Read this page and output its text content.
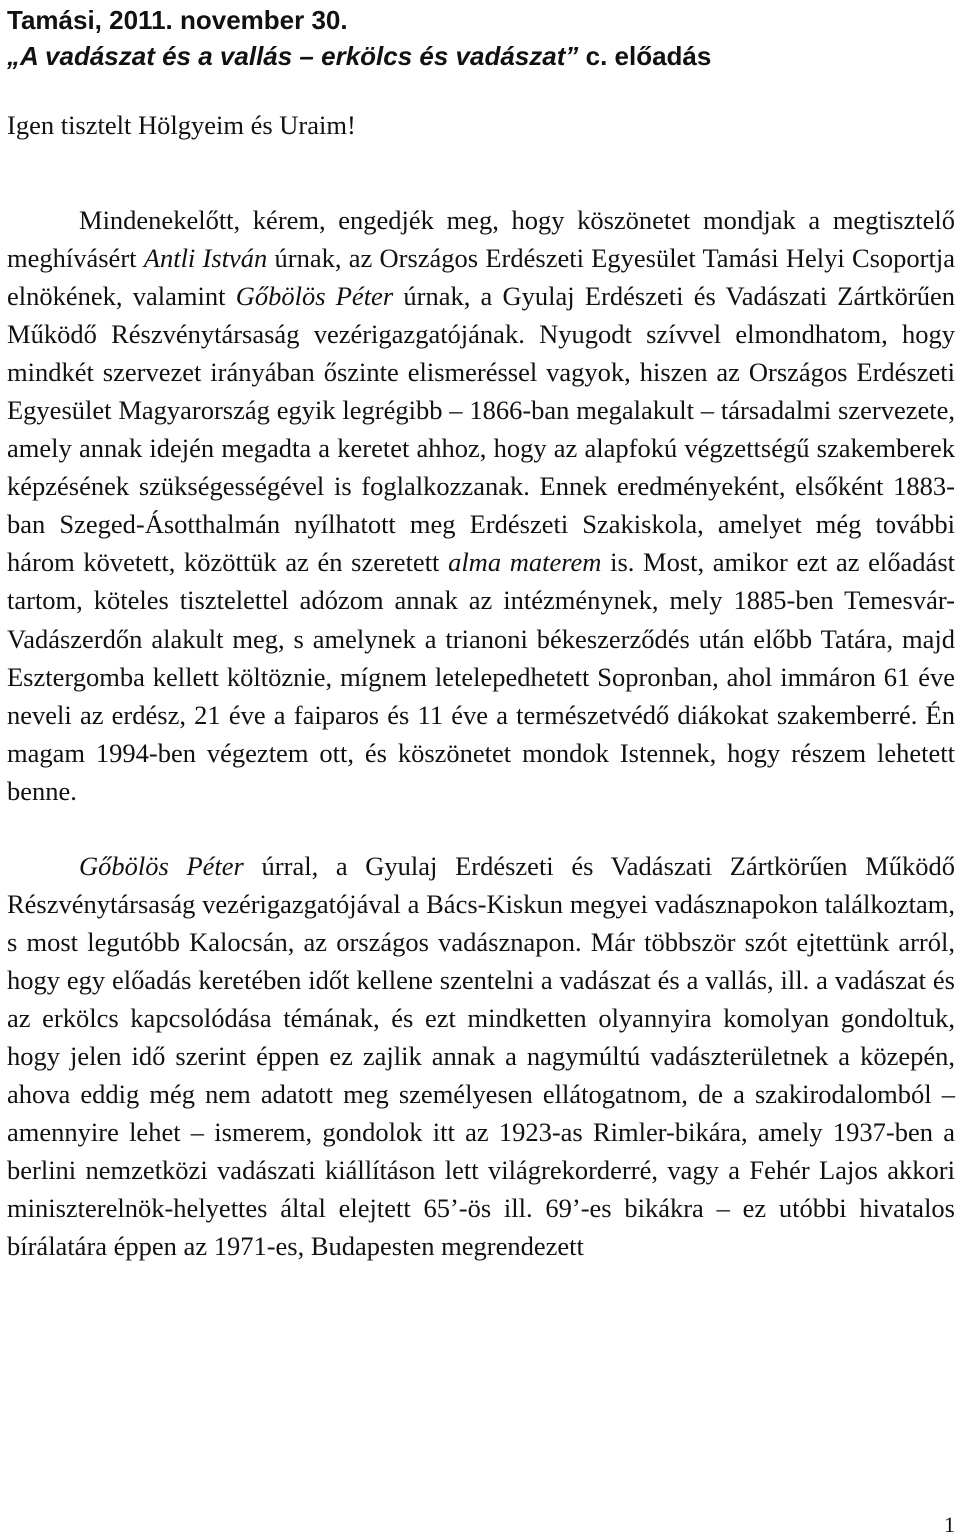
Tamási, 2011. november 30.

„A vadászat és a vallás – erkölcs és vadászat” c. előadás

Igen tisztelt Hölgyeim és Uraim!

Mindenekelőtt, kérem, engedjék meg, hogy köszönetet mondjak a megtisztelő meghívásért Antli István úrnak, az Országos Erdészeti Egyesület Tamási Helyi Csoportja elnökének, valamint Gőbölös Péter úrnak, a Gyulaj Erdészeti és Vadászati Zártkörűen Működő Részvénytársaság vezérigazgatójának. Nyugodt szívvel elmondhatom, hogy mindkét szervezet irányában őszinte elismeréssel vagyok, hiszen az Országos Erdészeti Egyesület Magyarország egyik legrégibb – 1866-ban megalakult – társadalmi szervezete, amely annak idején megadta a keretet ahhoz, hogy az alapfokú végzettségű szakemberek képzésének szükségességével is foglalkozzanak. Ennek eredményeként, elsőként 1883-ban Szeged-Ásotthalmán nyílhatott meg Erdészeti Szakiskola, amelyet még további három követett, közöttük az én szeretett alma materem is. Most, amikor ezt az előadást tartom, köteles tisztelettel adózom annak az intézménynek, mely 1885-ben Temesvár-Vadászerdőn alakult meg, s amelynek a trianoni békeszerződés után előbb Tatára, majd Esztergomba kellett költöznie, mígnem letelepedhetett Sopronban, ahol immáron 61 éve neveli az erdész, 21 éve a faiparos és 11 éve a természetvédő diákokat szakemberré. Én magam 1994-ben végeztem ott, és köszönetet mondok Istennek, hogy részem lehetett benne.

Gőbölös Péter úrral, a Gyulaj Erdészeti és Vadászati Zártkörűen Működő Részvénytársaság vezérigazgatójával a Bács-Kiskun megyei vadásznapokon találkoztam, s most legutóbb Kalocsán, az országos vadásznapon. Már többször szót ejtettünk arról, hogy egy előadás keretében időt kellene szentelni a vadászat és a vallás, ill. a vadászat és az erkölcs kapcsolódása témának, és ezt mindketten olyannyira komolyan gondoltuk, hogy jelen idő szerint éppen ez zajlik annak a nagymúltú vadászterületnek a közepén, ahova eddig még nem adatott meg személyesen ellátogatnom, de a szakirodalomból – amennyire lehet – ismerem, gondolok itt az 1923-as Rimler-bikára, amely 1937-ben a berlini nemzetközi vadászati kiállításon lett világrekorderré, vagy a Fehér Lajos akkori miniszterelnök-helyettes által elejtett 65’-ös ill. 69’-es bikákra – ez utóbbi hivatalos bírálatára éppen az 1971-es, Budapesten megrendezett

1
